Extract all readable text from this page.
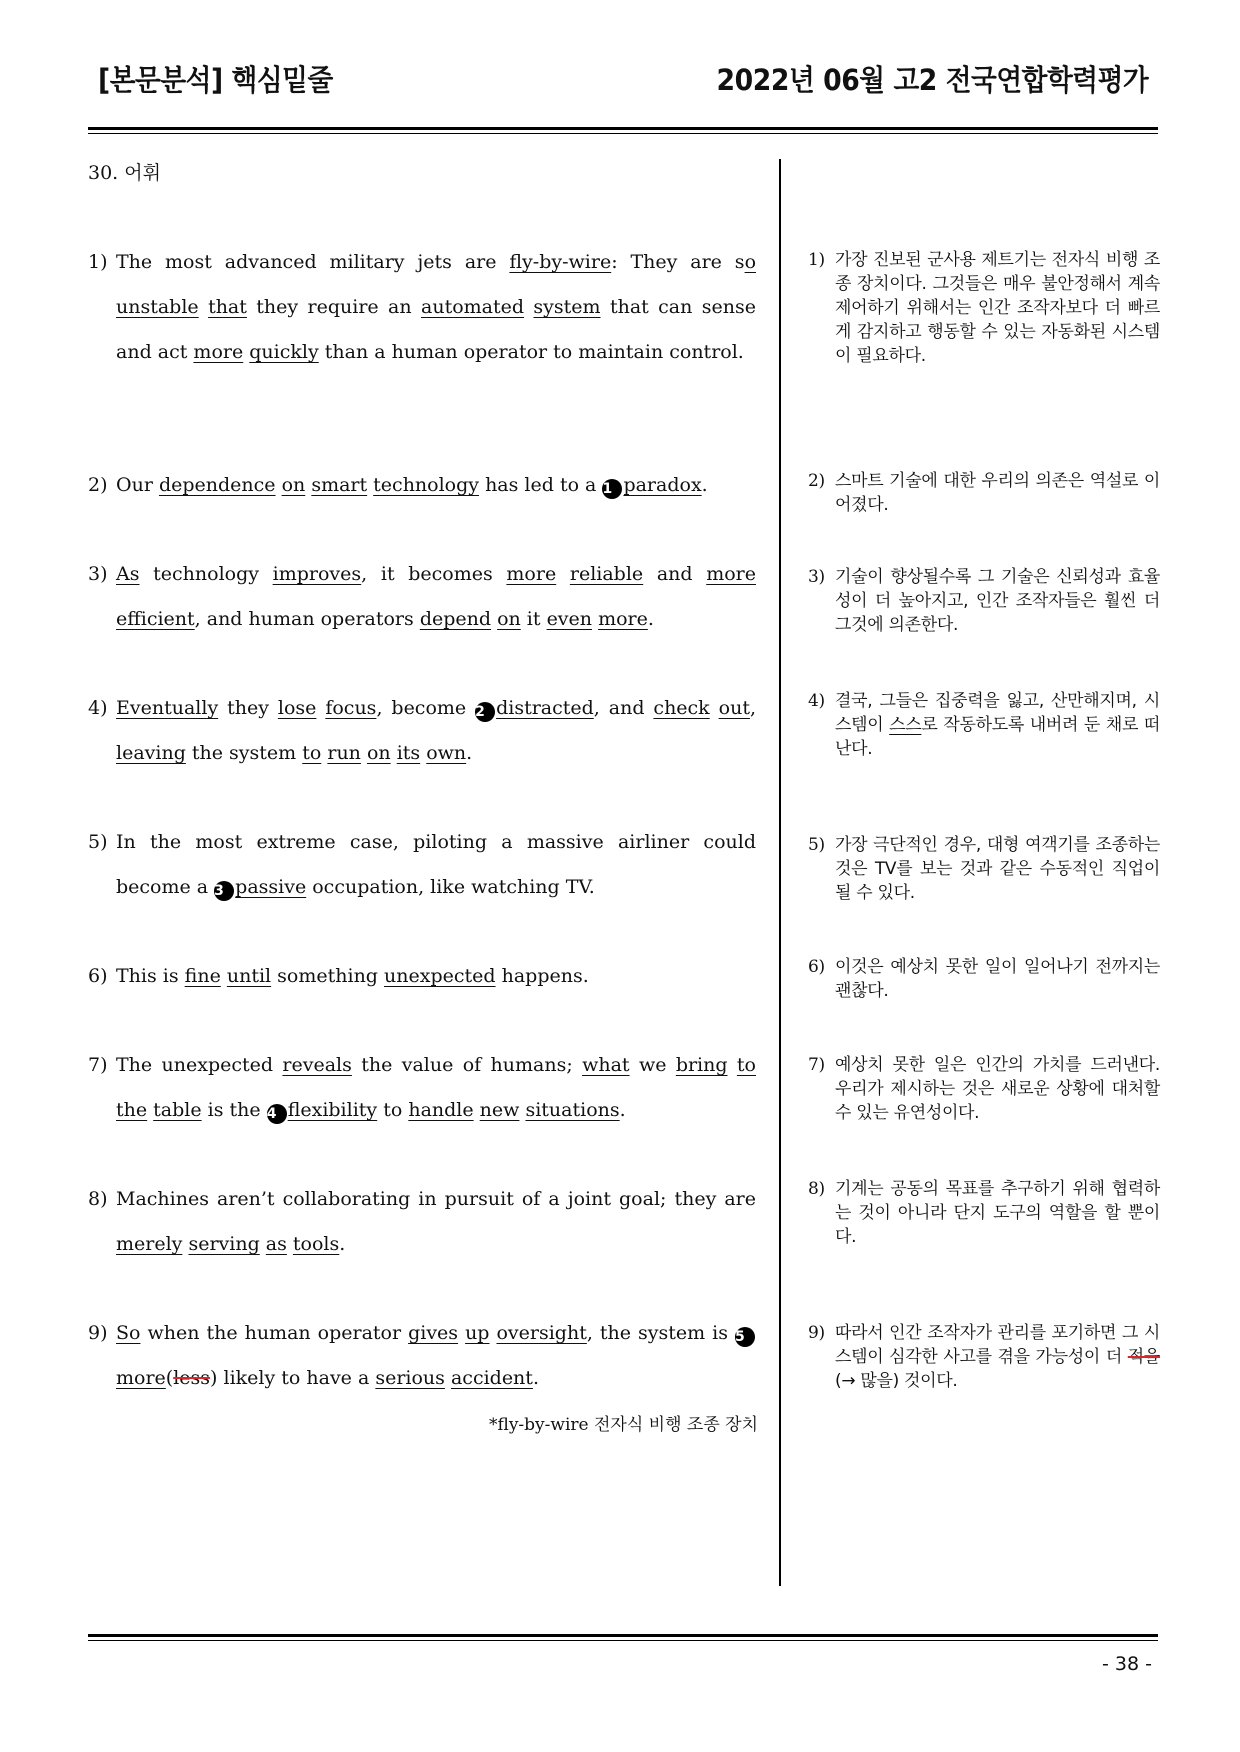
[본문분석] 핵심밑줄	2022년 06월 고2 전국연합학력평가
30. 어휘
1) The most advanced military jets are fly-by-wire: They are so unstable that they require an automated system that can sense and act more quickly than a human operator to maintain control.
2) Our dependence on smart technology has led to a 1 paradox.
3) As technology improves, it becomes more reliable and more efficient, and human operators depend on it even more.
4) Eventually they lose focus, become 2 distracted, and check out, leaving the system to run on its own.
5) In the most extreme case, piloting a massive airliner could become a 3 passive occupation, like watching TV.
6) This is fine until something unexpected happens.
7) The unexpected reveals the value of humans; what we bring to the table is the 4 flexibility to handle new situations.
8) Machines aren’t collaborating in pursuit of a joint goal; they are merely serving as tools.
9) So when the human operator gives up oversight, the system is 5more(less) likely to have a serious accident.
*fly-by-wire 전자식 비행 조종 장치
1) 가장 진보된 군사용 제트기는 전자식 비행 조종 장치이다. 그것들은 매우 불안정해서 계속 제어하기 위해서는 인간 조작자보다 더 빠르게 감지하고 행동할 수 있는 자동화된 시스템이 필요하다.
2) 스마트 기술에 대한 우리의 의존은 역설로 이어졌다.
3) 기술이 향상될수록 그 기술은 신뢰성과 효율성이 더 높아지고, 인간 조작자들은 훨씬 더 그것에 의존한다.
4) 결국, 그들은 집중력을 잃고, 산만해지며, 시스템이 스스로 작동하도록 내버려 둔 채로 떠난다.
5) 가장 극단적인 경우, 대형 여객기를 조종하는 것은 TV를 보는 것과 같은 수동적인 직업이 될 수 있다.
6) 이것은 예상치 못한 일이 일어나기 전까지는 괜찮다.
7) 예상치 못한 일은 인간의 가치를 드러낸다. 우리가 제시하는 것은 새로운 상황에 대처할 수 있는 유연성이다.
8) 기계는 공동의 목표를 추구하기 위해 협력하는 것이 아니라 단지 도구의 역할을 할 뿐이다.
9) 따라서 인간 조작자가 관리를 포기하면 그 시스템이 심각한 사고를 겪을 가능성이 더 적을(→ 많을) 것이다.
- 38 -
